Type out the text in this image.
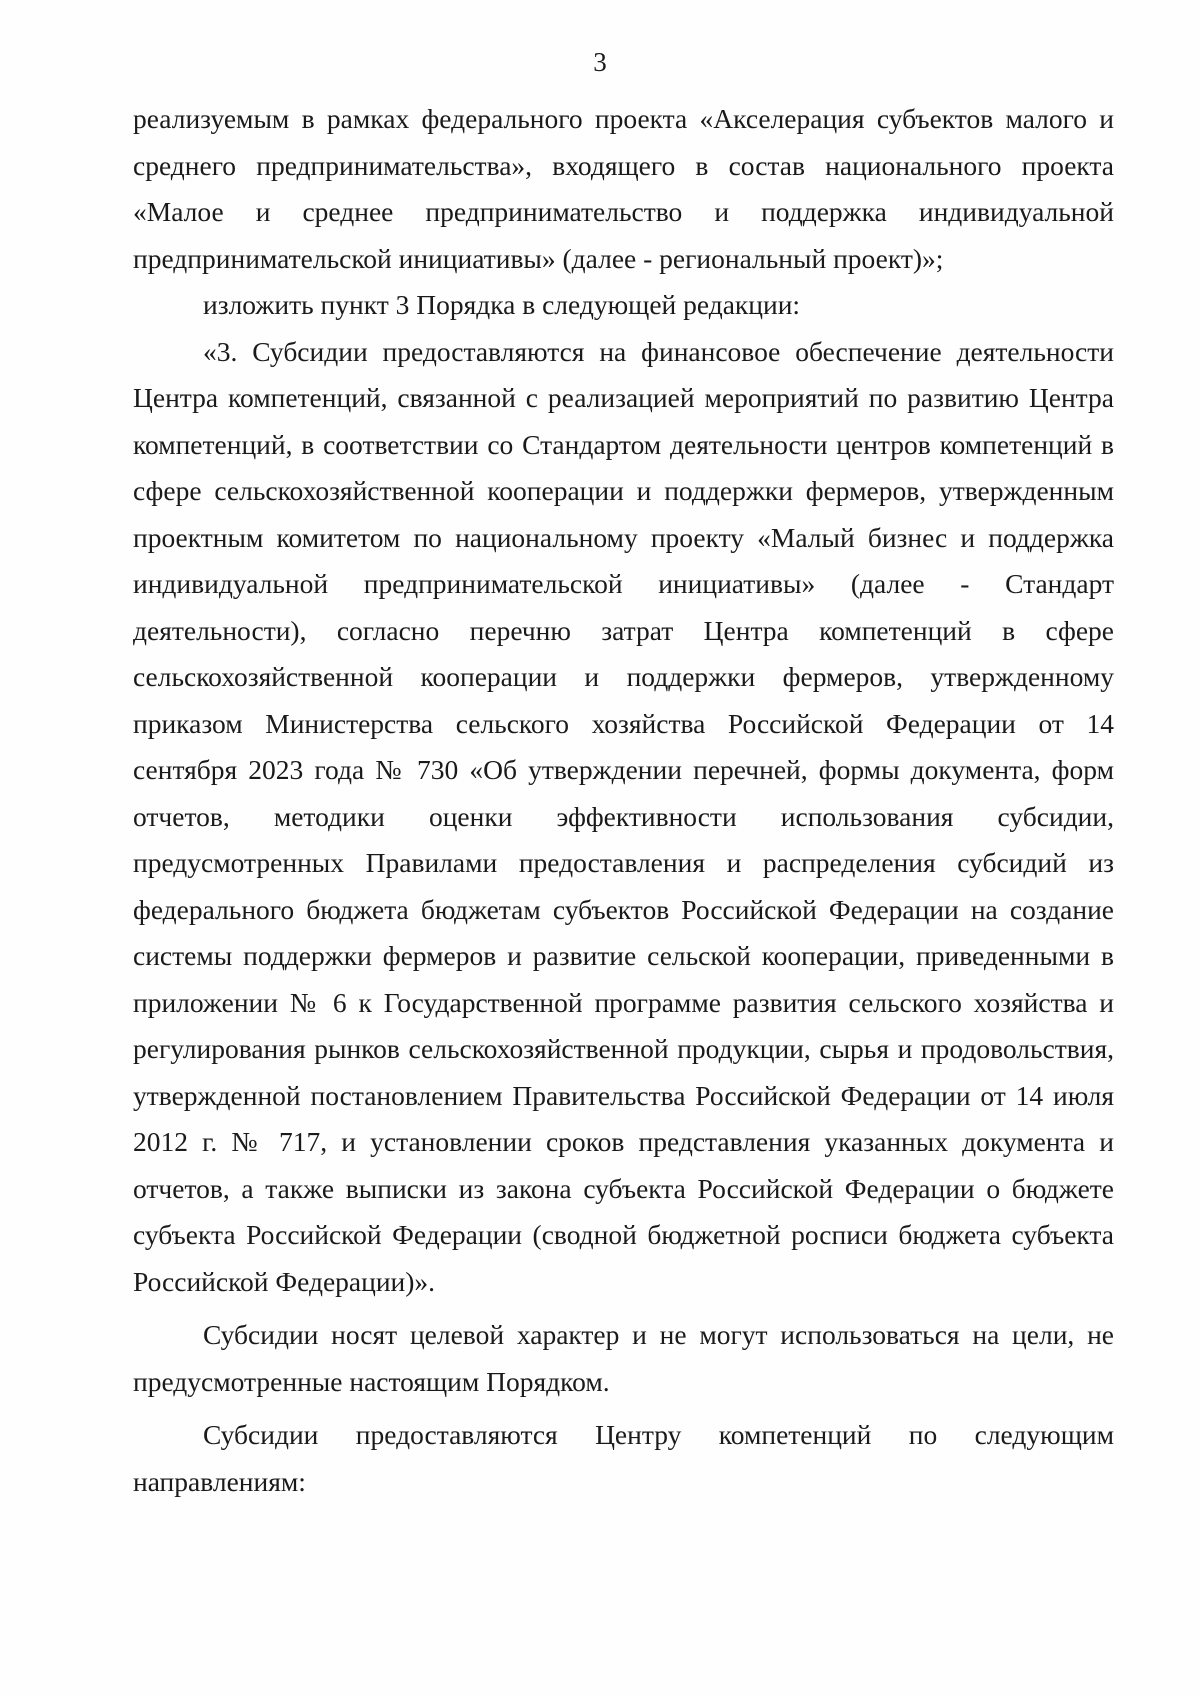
3

реализуемым в рамках федерального проекта «Акселерация субъектов малого и среднего предпринимательства», входящего в состав национального проекта «Малое и среднее предпринимательство и поддержка индивидуальной предпринимательской инициативы» (далее - региональный проект)»;

изложить пункт 3 Порядка в следующей редакции:

«3. Субсидии предоставляются на финансовое обеспечение деятельности Центра компетенций, связанной с реализацией мероприятий по развитию Центра компетенций, в соответствии со Стандартом деятельности центров компетенций в сфере сельскохозяйственной кооперации и поддержки фермеров, утвержденным проектным комитетом по национальному проекту «Малый бизнес и поддержка индивидуальной предпринимательской инициативы» (далее - Стандарт деятельности), согласно перечню затрат Центра компетенций в сфере сельскохозяйственной кооперации и поддержки фермеров, утвержденному приказом Министерства сельского хозяйства Российской Федерации от 14 сентября 2023 года № 730 «Об утверждении перечней, формы документа, форм отчетов, методики оценки эффективности использования субсидии, предусмотренных Правилами предоставления и распределения субсидий из федерального бюджета бюджетам субъектов Российской Федерации на создание системы поддержки фермеров и развитие сельской кооперации, приведенными в приложении № 6 к Государственной программе развития сельского хозяйства и регулирования рынков сельскохозяйственной продукции, сырья и продовольствия, утвержденной постановлением Правительства Российской Федерации от 14 июля 2012 г. № 717, и установлении сроков представления указанных документа и отчетов, а также выписки из закона субъекта Российской Федерации о бюджете субъекта Российской Федерации (сводной бюджетной росписи бюджета субъекта Российской Федерации)».

Субсидии носят целевой характер и не могут использоваться на цели, не предусмотренные настоящим Порядком.

Субсидии предоставляются Центру компетенций по следующим направлениям:
